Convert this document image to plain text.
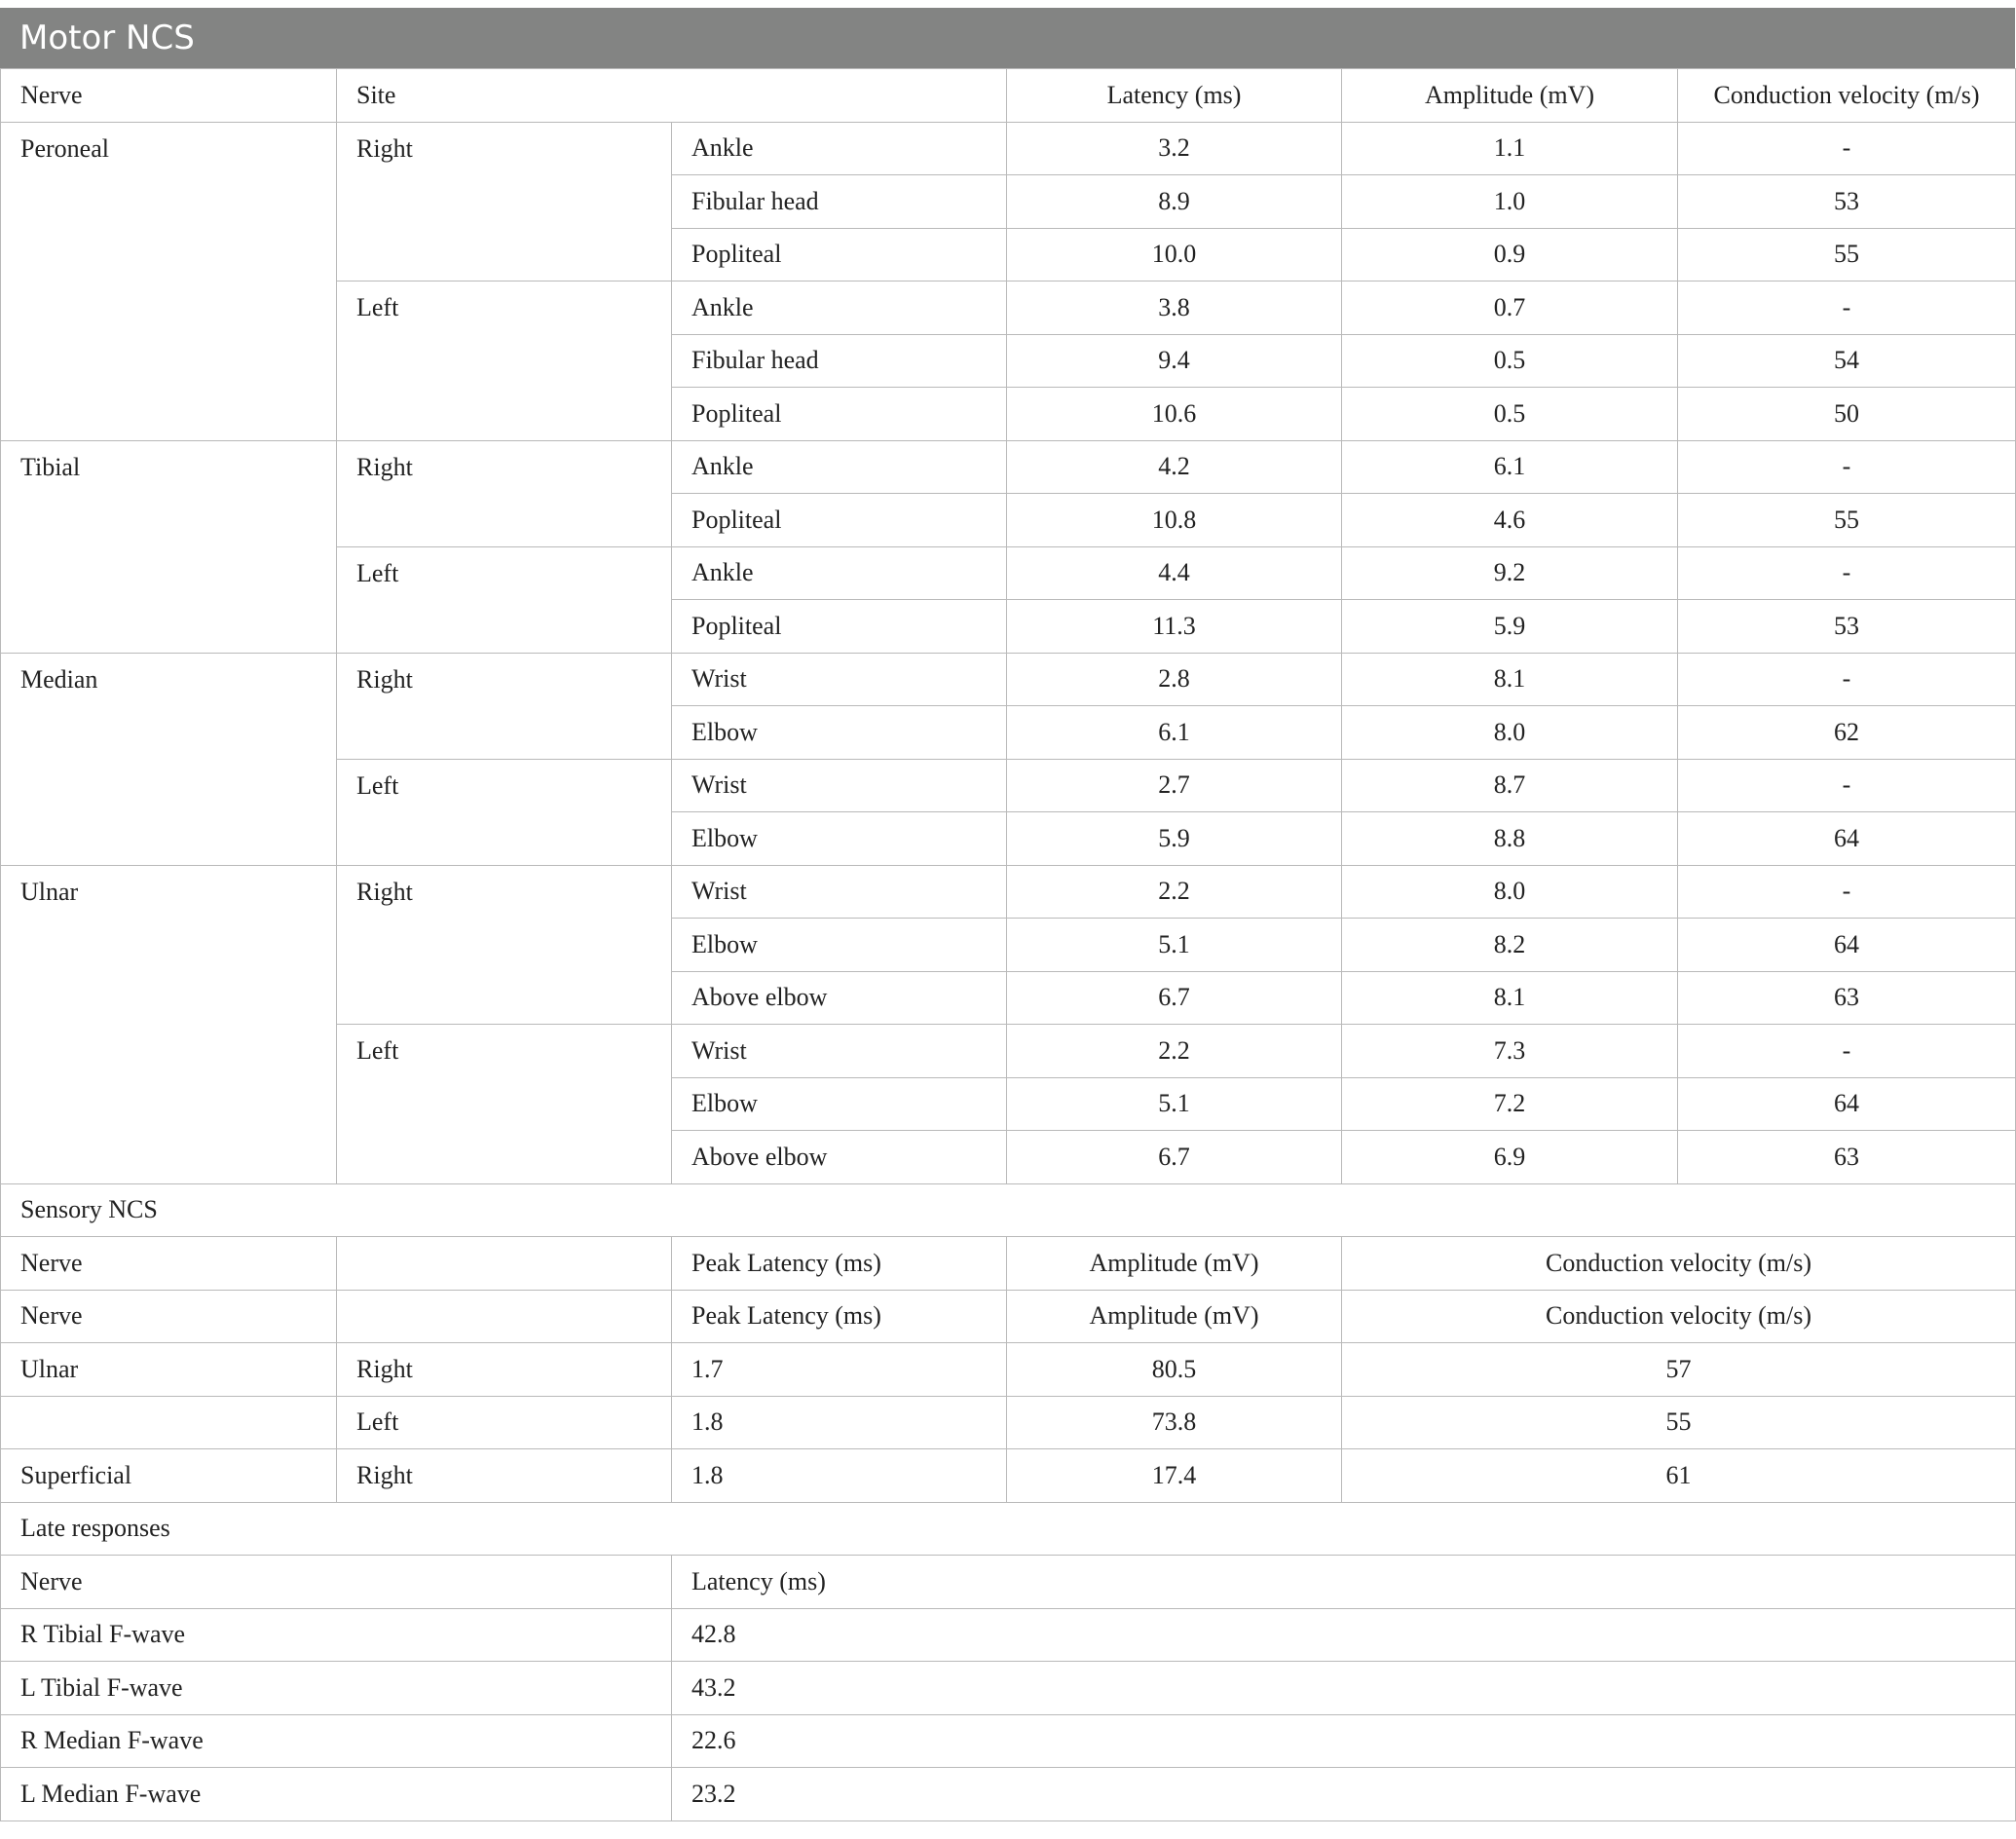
Motor NCS
Nerve	Site		Latency (ms)	Amplitude (mV)	Conduction velocity (m/s)
Peroneal	Right	Ankle	3.2	1.1	-
		Fibular head	8.9	1.0	53
		Popliteal	10.0	0.9	55
	Left	Ankle	3.8	0.7	-
		Fibular head	9.4	0.5	54
		Popliteal	10.6	0.5	50
Tibial	Right	Ankle	4.2	6.1	-
		Popliteal	10.8	4.6	55
	Left	Ankle	4.4	9.2	-
		Popliteal	11.3	5.9	53
Median	Right	Wrist	2.8	8.1	-
		Elbow	6.1	8.0	62
	Left	Wrist	2.7	8.7	-
		Elbow	5.9	8.8	64
Ulnar	Right	Wrist	2.2	8.0	-
		Elbow	5.1	8.2	64
		Above elbow	6.7	8.1	63
	Left	Wrist	2.2	7.3	-
		Elbow	5.1	7.2	64
		Above elbow	6.7	6.9	63
Sensory NCS					
Nerve		Peak Latency (ms)	Amplitude (mV)	Conduction velocity (m/s)	
Nerve		Peak Latency (ms)	Amplitude (mV)	Conduction velocity (m/s)	
Ulnar	Right	1.7	80.5	57	
	Left	1.8	73.8	55	
Superficial	Right	1.8	17.4	61	
Late responses					
Nerve		Latency (ms)			
R Tibial F-wave		42.8			
L Tibial F-wave		43.2			
R Median F-wave		22.6			
L Median F-wave		23.2			
